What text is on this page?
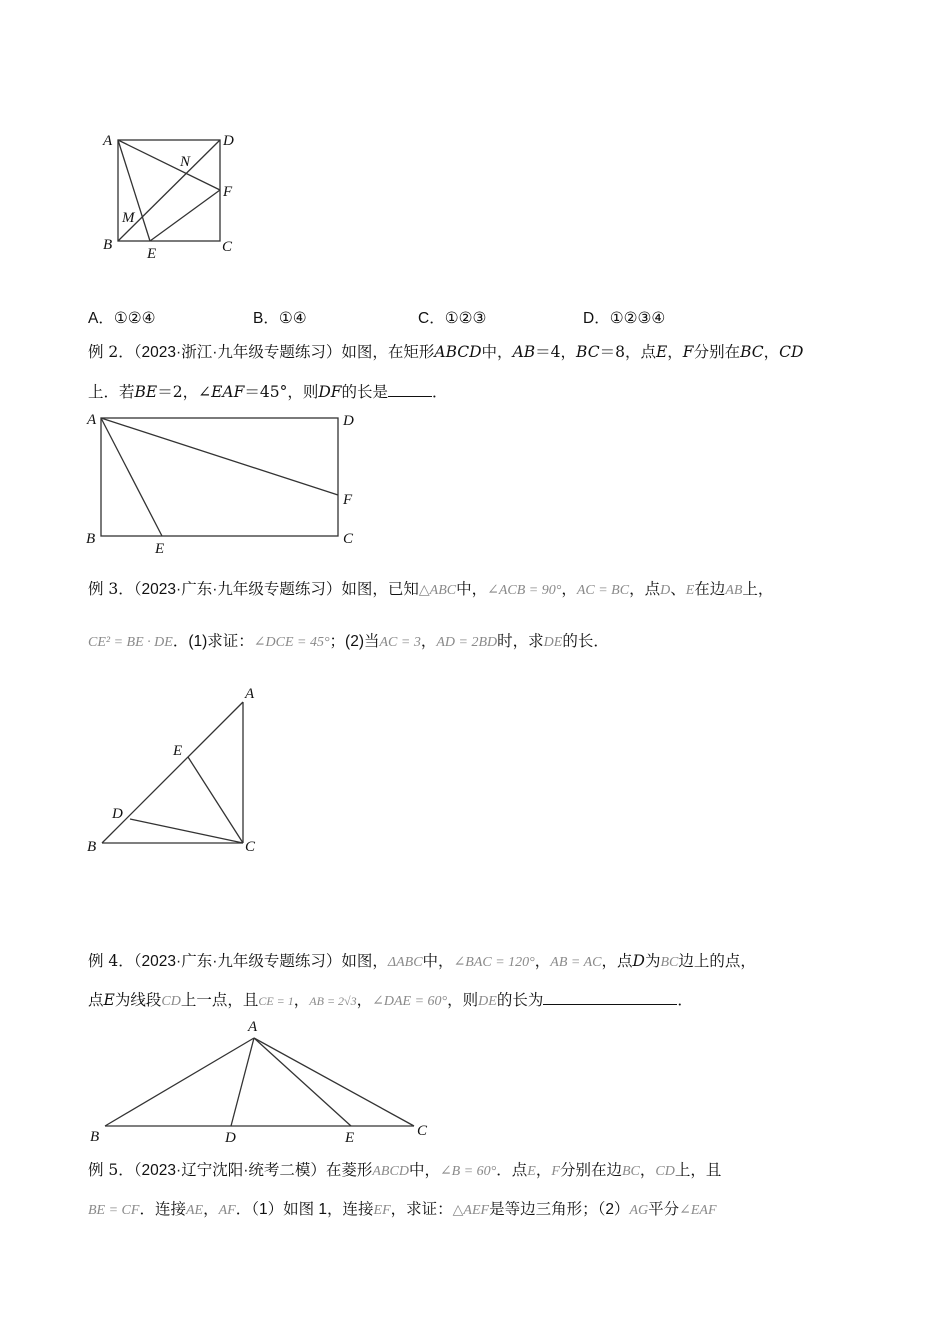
A	D
N
F
M
B
E	C
A．①②④	B．①④	C．①②③	D．①②③④
例 2．（2023·浙江·九年级专题练习）如图，在矩形ABCD中，AB＝4，BC＝8，点E，F分别在BC，CD
上．若BE＝2，∠EAF＝45°，则DF的长是	．
A	D
F
B
E
C
例 3．（2023·广东·九年级专题练习）如图，已知△ABC中，∠ACB = 90°，AC = BC，点D、E在边AB上，
CE² = BE · DE．(1)求证：∠DCE = 45°；(2)当AC = 3，AD = 2BD时，求DE的长．
A
E
D
B	C
例 4．（2023·广东·九年级专题练习）如图，ΔABC中，∠BAC = 120°，AB = AC，点D为BC边上的点，
点E为线段CD上一点，且CE = 1，AB = 2√3，∠DAE = 60°，则DE的长为	．
A
B	D	E	C
例 5．（2023·辽宁沈阳·统考二模）在菱形ABCD中，∠B = 60°．点E，F分别在边BC，CD上，且
BE = CF．连接AE，AF．（1）如图 1，连接EF，求证：△AEF是等边三角形；（2）AG平分∠EAF
